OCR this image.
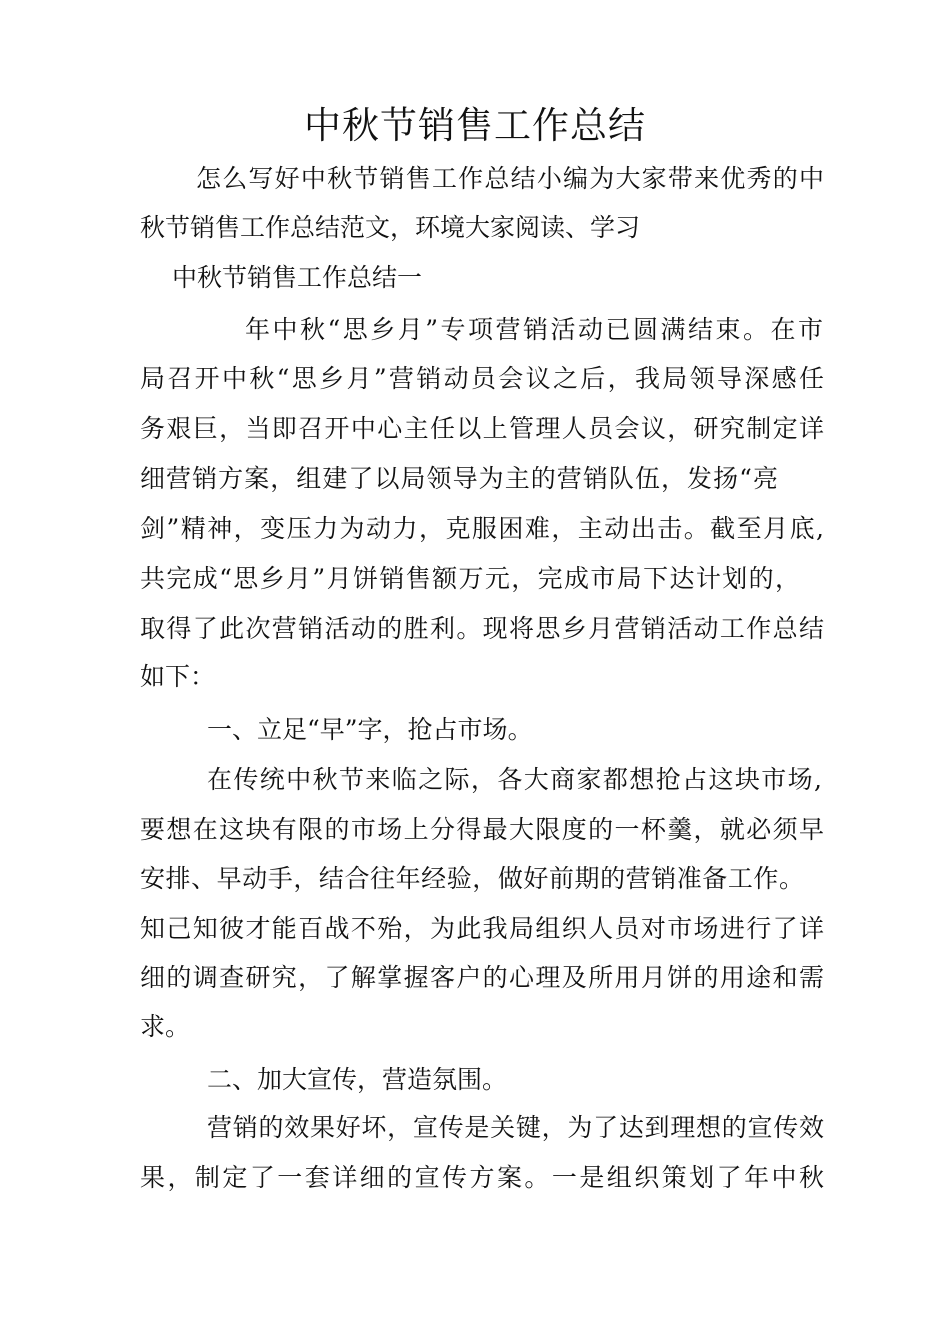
中秋节销售工作总结

怎么写好中秋节销售工作总结小编为大家带来优秀的中

秋节销售工作总结范文，环境大家阅读、学习

中秋节销售工作总结一

年中秋“思乡月”专项营销活动已圆满结束。在市

局召开中秋“思乡月”营销动员会议之后，我局领导深感任

务艰巨，当即召开中心主任以上管理人员会议，研究制定详

细营销方案，组建了以局领导为主的营销队伍，发扬“亮

剑”精神，变压力为动力，克服困难，主动出击。截至月底,

共完成“思乡月”月饼销售额万元，完成市局下达计划的，

取得了此次营销活动的胜利。现将思乡月营销活动工作总结

如下：

一、立足“早”字，抢占市场。

在传统中秋节来临之际，各大商家都想抢占这块市场,

要想在这块有限的市场上分得最大限度的一杯羹，就必须早

安排、早动手，结合往年经验，做好前期的营销准备工作。

知己知彼才能百战不殆，为此我局组织人员对市场进行了详

细的调查研究，了解掌握客户的心理及所用月饼的用途和需

求。

二、加大宣传，营造氛围。

营销的效果好坏，宣传是关键，为了达到理想的宣传效

果，制定了一套详细的宣传方案。一是组织策划了年中秋
